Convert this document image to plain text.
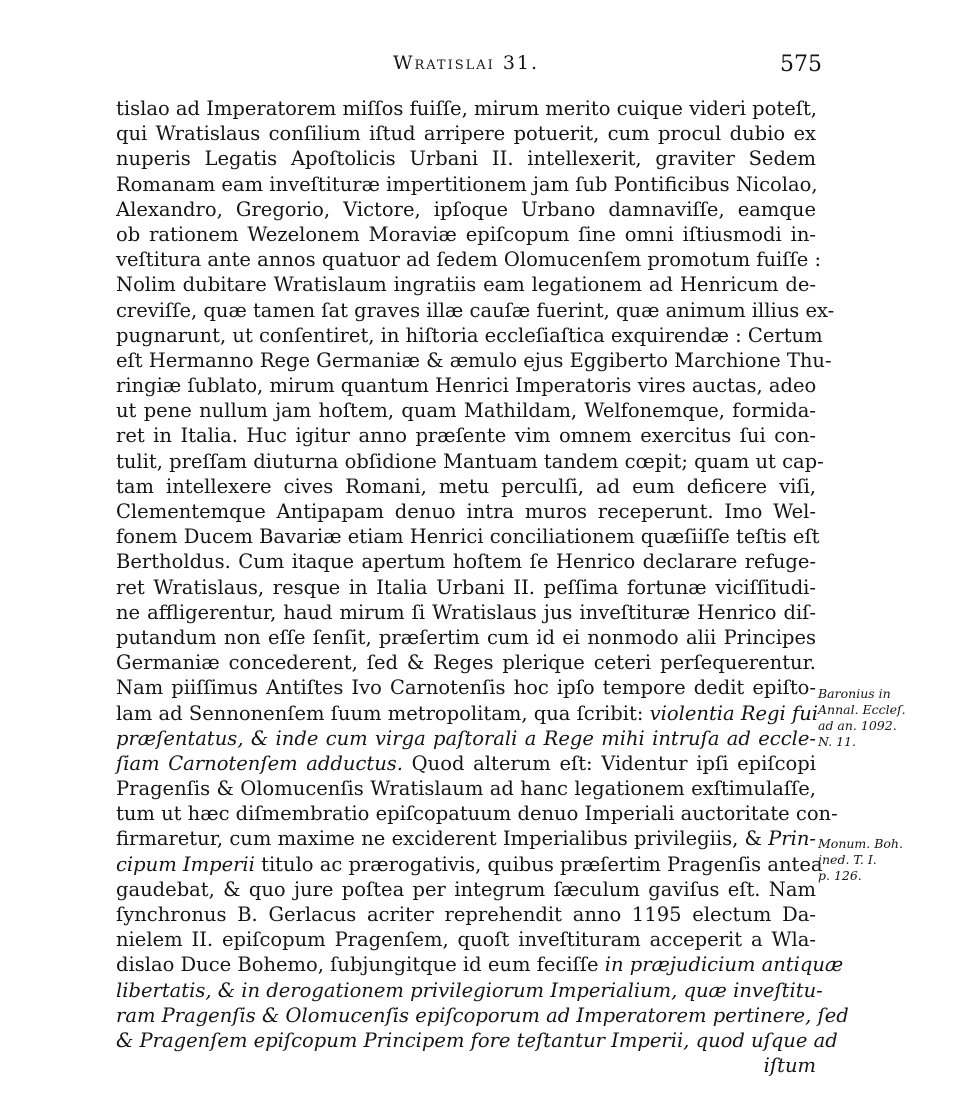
Wratislai 31.	575
tislao ad Imperatorem miſſos fuiſſe, mirum merito cuique videri poteſt,
qui Wratislaus conſilium iſtud arripere potuerit, cum procul dubio ex
nuperis Legatis Apoſtolicis Urbani II. intellexerit, graviter Sedem
Romanam eam inveſtituræ impertitionem jam ſub Pontificibus Nicolao,
Alexandro, Gregorio, Victore, ipſoque Urbano damnaviſſe, eamque
ob rationem Wezelonem Moraviæ epiſcopum ſine omni iſtiusmodi in-
veſtitura ante annos quatuor ad ſedem Olomucenſem promotum fuiſſe :
Nolim dubitare Wratislaum ingratiis eam legationem ad Henricum de-
creviſſe, quæ tamen ſat graves illæ cauſæ fuerint, quæ animum illius ex-
pugnarunt, ut conſentiret, in hiſtoria eccleſiaſtica exquirendæ : Certum
eſt Hermanno Rege Germaniæ & æmulo ejus Eggiberto Marchione Thu-
ringiæ ſublato, mirum quantum Henrici Imperatoris vires auctas, adeo
ut pene nullum jam hoſtem, quam Mathildam, Welfonemque, formida-
ret in Italia. Huc igitur anno præſente vim omnem exercitus ſui con-
tulit, preſſam diuturna obſidione Mantuam tandem cœpit; quam ut cap-
tam intellexere cives Romani, metu perculſi, ad eum deficere viſi,
Clementemque Antipapam denuo intra muros receperunt. Imo Wel-
fonem Ducem Bavariæ etiam Henrici conciliationem quæſiiſſe teſtis eſt
Bertholdus. Cum itaque apertum hoſtem ſe Henrico declarare refuge-
ret Wratislaus, resque in Italia Urbani II. peſſima fortunæ viciſſitudi-
ne affligerentur, haud mirum ſi Wratislaus jus inveſtituræ Henrico diſ-
putandum non eſſe ſenſit, præſertim cum id ei nonmodo alii Principes
Germaniæ concederent, ſed & Reges plerique ceteri perſequerentur.
Nam piiſſimus Antiſtes Ivo Carnotenſis hoc ipſo tempore dedit epiſto-
lam ad Sennonenſem ſuum metropolitam, qua ſcribit: violentia Regi fui
præſentatus, & inde cum virga paſtorali a Rege mihi intruſa ad eccle-
ſiam Carnotenſem adductus. Quod alterum eſt: Videntur ipſi epiſcopi
Pragenſis & Olomucenſis Wratislaum ad hanc legationem exſtimulaſſe,
tum ut hæc diſmembratio epiſcopatuum denuo Imperiali auctoritate con-
firmaretur, cum maxime ne exciderent Imperialibus privilegiis, & Prin-
cipum Imperii titulo ac prærogativis, quibus præſertim Pragenſis antea
gaudebat, & quo jure poſtea per integrum ſæculum gaviſus eſt. Nam
ſynchronus B. Gerlacus acriter reprehendit anno 1195 electum Da-
nielem II. epiſcopum Pragenſem, quoſt inveſtituram acceperit a Wla-
dislao Duce Bohemo, ſubjungitque id eum feciſſe in præjudicium antiquæ
libertatis, & in derogationem privilegiorum Imperialium, quæ inveſtitu-
ram Pragenſis & Olomucenſis epiſcoporum ad Imperatorem pertinere, ſed
& Pragenſem epiſcopum Principem fore teſtantur Imperii, quod uſque ad
iſtum
Baronius in
Annal. Eccleſ.
ad an. 1092.
N. 11.
Monum. Boh.
ined. T. I.
p. 126.
